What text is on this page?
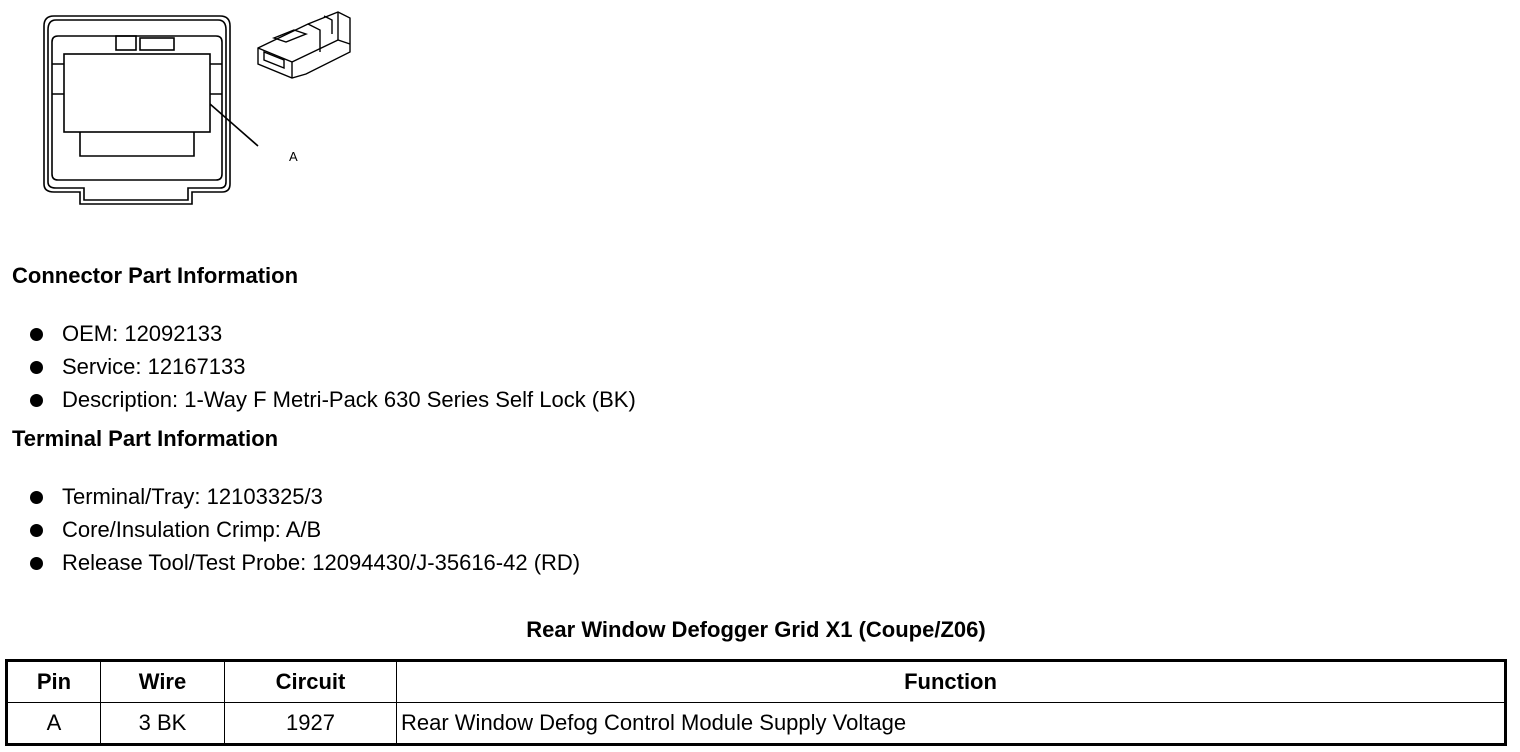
A
Connector Part Information
OEM: 12092133
Service: 12167133
Description: 1-Way F Metri-Pack 630 Series Self Lock (BK)
Terminal Part Information
Terminal/Tray: 12103325/3
Core/Insulation Crimp: A/B
Release Tool/Test Probe: 12094430/J-35616-42 (RD)
Rear Window Defogger Grid X1 (Coupe/Z06)
Pin	Wire	Circuit	Function
A	3 BK	1927	Rear Window Defog Control Module Supply Voltage
